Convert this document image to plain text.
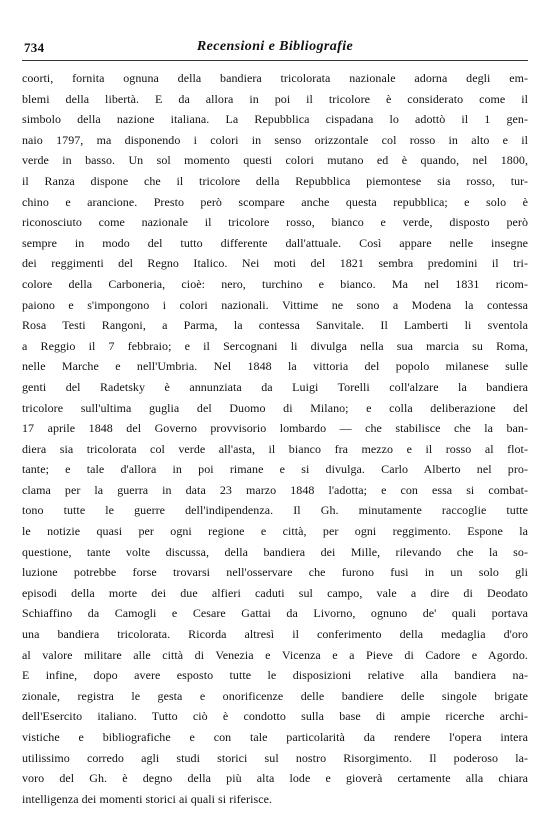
734	Recensioni e Bibliografie
coorti, fornita ognuna della bandiera tricolorata nazionale adorna degli em-
blemi della libertà. E da allora in poi il tricolore è considerato come il
simbolo della nazione italiana. La Repubblica cispadana lo adottò il 1 gen-
naio 1797, ma disponendo i colori in senso orizzontale col rosso in alto e il
verde in basso. Un sol momento questi colori mutano ed è quando, nel 1800,
il Ranza dispone che il tricolore della Repubblica piemontese sia rosso, tur-
chino e arancione. Presto però scompare anche questa repubblica; e solo è
riconosciuto come nazionale il tricolore rosso, bianco e verde, disposto però
sempre in modo del tutto differente dall'attuale. Così appare nelle insegne
dei reggimenti del Regno Italico. Nei moti del 1821 sembra predomini il tri-
colore della Carboneria, cioè: nero, turchino e bianco. Ma nel 1831 ricom-
paiono e s'impongono i colori nazionali. Vittime ne sono a Modena la contessa
Rosa Testi Rangoni, a Parma, la contessa Sanvitale. Il Lamberti li sventola
a Reggio il 7 febbraio; e il Sercognani li divulga nella sua marcia su Roma,
nelle Marche e nell'Umbria. Nel 1848 la vittoria del popolo milanese sulle
genti del Radetsky è annunziata da Luigi Torelli coll'alzare la bandiera
tricolore sull'ultima guglia del Duomo di Milano; e colla deliberazione del
17 aprile 1848 del Governo provvisorio lombardo — che stabilisce che la ban-
diera sia tricolorata col verde all'asta, il bianco fra mezzo e il rosso al flot-
tante; e tale d'allora in poi rimane e si divulga. Carlo Alberto nel pro-
clama per la guerra in data 23 marzo 1848 l'adotta; e con essa si combat-
tono tutte le guerre dell'indipendenza. Il Gh. minutamente raccoglie tutte
le notizie quasi per ogni regione e città, per ogni reggimento. Espone la
questione, tante volte discussa, della bandiera dei Mille, rilevando che la so-
luzione potrebbe forse trovarsi nell'osservare che furono fusi in un solo gli
episodi della morte dei due alfieri caduti sul campo, vale a dire di Deodato
Schiaffino da Camogli e Cesare Gattai da Livorno, ognuno de' quali portava
una bandiera tricolorata. Ricorda altresì il conferimento della medaglia d'oro
al valore militare alle città di Venezia e Vicenza e a Pieve di Cadore e Agordo.
E infine, dopo avere esposto tutte le disposizioni relative alla bandiera na-
zionale, registra le gesta e onorificenze delle bandiere delle singole brigate
dell'Esercito italiano. Tutto ciò è condotto sulla base di ampie ricerche archi-
vistiche e bibliografiche e con tale particolarità da rendere l'opera intera
utilissimo corredo agli studi storici sul nostro Risorgimento. Il poderoso la-
voro del Gh. è degno della più alta lode e gioverà certamente alla chiara
intelligenza dei momenti storici ai quali si riferisce.
